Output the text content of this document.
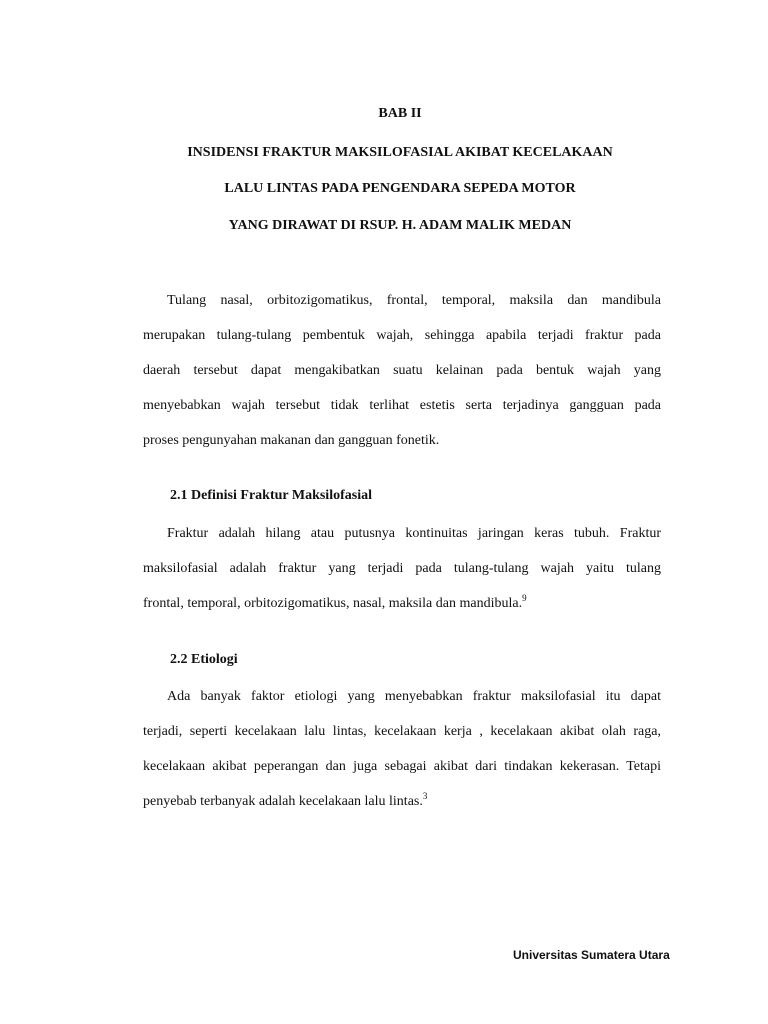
BAB II
INSIDENSI FRAKTUR MAKSILOFASIAL AKIBAT KECELAKAAN
LALU LINTAS PADA PENGENDARA SEPEDA MOTOR
YANG DIRAWAT DI RSUP. H. ADAM MALIK MEDAN
Tulang nasal, orbitozigomatikus, frontal, temporal, maksila dan mandibula
merupakan tulang-tulang pembentuk wajah, sehingga apabila terjadi fraktur pada
daerah tersebut dapat mengakibatkan suatu kelainan pada bentuk wajah yang
menyebabkan wajah tersebut tidak terlihat estetis serta terjadinya gangguan pada
proses pengunyahan makanan dan gangguan fonetik.
2.1 Definisi Fraktur Maksilofasial
Fraktur adalah hilang atau putusnya kontinuitas jaringan keras tubuh. Fraktur
maksilofasial adalah fraktur yang terjadi pada tulang-tulang wajah yaitu tulang
frontal, temporal, orbitozigomatikus, nasal, maksila dan mandibula.$^9$
2.2 Etiologi
Ada banyak faktor etiologi yang menyebabkan fraktur maksilofasial itu dapat
terjadi, seperti kecelakaan lalu lintas, kecelakaan kerja , kecelakaan akibat olah raga,
kecelakaan akibat peperangan dan juga sebagai akibat dari tindakan kekerasan. Tetapi
penyebab terbanyak adalah kecelakaan lalu lintas.$^3$
Universitas Sumatera Utara
